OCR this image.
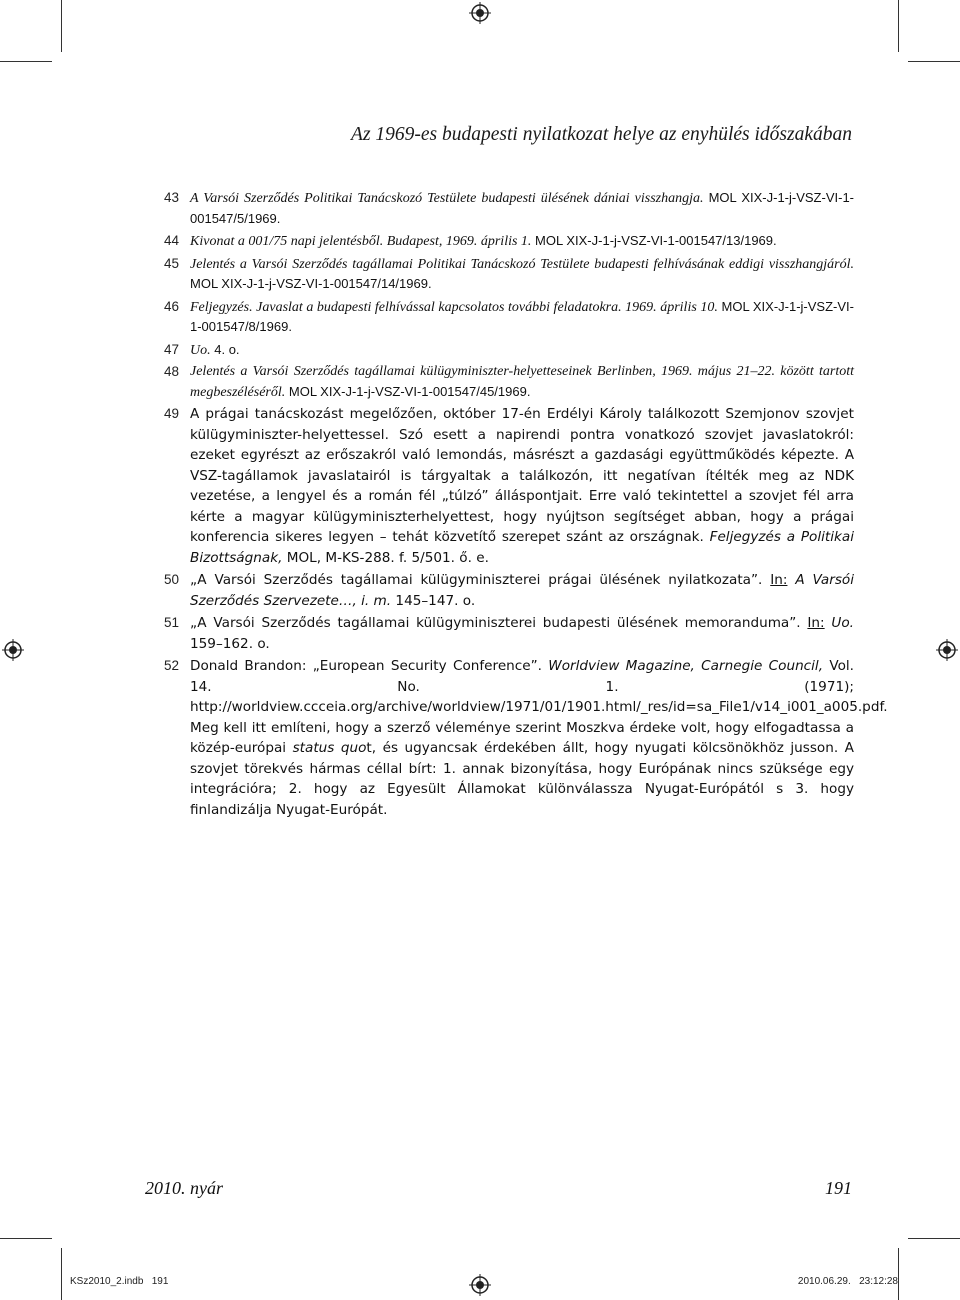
Az 1969-es budapesti nyilatkozat helye az enyhülés időszakában
43 A Varsói Szerződés Politikai Tanácskozó Testülete budapesti ülésének dániai visszhangja. MOL XIX-J-1-j-VSZ-VI-1-001547/5/1969.
44 Kivonat a 001/75 napi jelentésből. Budapest, 1969. április 1. MOL XIX-J-1-j-VSZ-VI-1-001547/13/1969.
45 Jelentés a Varsói Szerződés tagállamai Politikai Tanácskozó Testülete budapesti felhívásának eddigi visszhangjáról. MOL XIX-J-1-j-VSZ-VI-1-001547/14/1969.
46 Feljegyzés. Javaslat a budapesti felhívással kapcsolatos további feladatokra. 1969. április 10. MOL XIX-J-1-j-VSZ-VI-1-001547/8/1969.
47 Uo. 4. o.
48 Jelentés a Varsói Szerződés tagállamai külügyminiszter-helyetteseinek Berlinben, 1969. május 21–22. között tartott megbeszéléséről. MOL XIX-J-1-j-VSZ-VI-1-001547/45/1969.
49 A prágai tanácskozást megelőzően, október 17-én Erdélyi Károly találkozott Szemjonov szovjet külügyminiszter-helyettessel. Szó esett a napirendi pontra vonatkozó szovjet javaslatokról: ezeket egyrészt az erőszakról való lemondás, másrészt a gazdasági együttműködés képezte. A VSZ-tagállamok javaslatairól is tárgyaltak a találkozón, itt negatívan ítélték meg az NDK vezetése, a lengyel és a román fél „túlzó” álláspontjait. Erre való tekintettel a szovjet fél arra kérte a magyar külügyminiszterhelyettest, hogy nyújtson segítséget abban, hogy a prágai konferencia sikeres legyen – tehát közvetítő szerepet szánt az országnak. Feljegyzés a Politikai Bizottságnak, MOL, M-KS-288. f. 5/501. ő. e.
50 „A Varsói Szerződés tagállamai külügyminiszterei prágai ülésének nyilatkozata”. In: A Varsói Szerződés Szervezete…, i. m. 145–147. o.
51 „A Varsói Szerződés tagállamai külügyminiszterei budapesti ülésének memoranduma”. In: Uo. 159–162. o.
52 Donald Brandon: „European Security Conference”. Worldview Magazine, Carnegie Council, Vol. 14. No. 1. (1971); http://worldview.ccceia.org/archive/worldview/1971/01/1901.html/_res/id=sa_File1/v14_i001_a005.pdf. Meg kell itt említeni, hogy a szerző véleménye szerint Moszkva érdeke volt, hogy elfogadtassa a közép-európai status quot, és ugyancsak érdekében állt, hogy nyugati kölcsönökhöz jusson. A szovjet törekvés hármas céllal bírt: 1. annak bizonyítása, hogy Európának nincs szüksége egy integrációra; 2. hogy az Egyesült Államokat különválassza Nyugat-Európától s 3. hogy finlandizálja Nyugat-Európát.
2010. nyár	191
KSz2010_2.indb   191	2010.06.29.   23:12:28
